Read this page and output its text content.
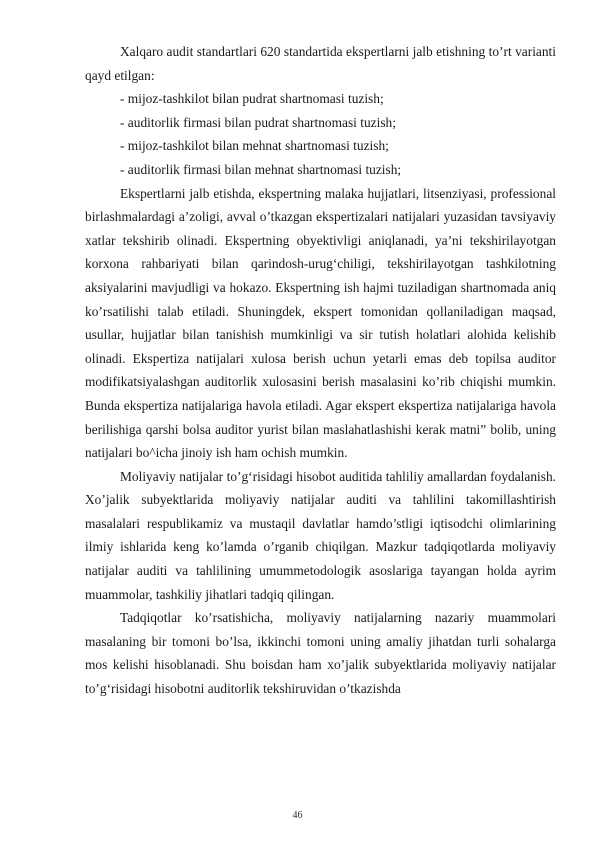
Xalqaro audit standartlari 620 standartida ekspertlarni jalb etishning to’rt varianti qayd etilgan:

- mijoz-tashkilot bilan pudrat shartnomasi tuzish;

- auditorlik firmasi bilan pudrat shartnomasi tuzish;

- mijoz-tashkilot bilan mehnat shartnomasi tuzish;

- auditorlik firmasi bilan mehnat shartnomasi tuzish;

Ekspertlarni jalb etishda, ekspertning malaka hujjatlari, litsenziyasi, professional birlashmalardagi a’zoligi, avval o’tkazgan ekspertizalari natijalari yuzasidan tavsiyaviy xatlar tekshirib olinadi. Ekspertning obyektivligi aniqlanadi, ya’ni tekshirilayotgan korxona rahbariyati bilan qarindosh-urug‘chiligi, tekshirilayotgan tashkilotning aksiyalarini mavjudligi va hokazo. Ekspertning ish hajmi tuziladigan shartnomada aniq ko’rsatilishi talab etiladi. Shuningdek, ekspert tomonidan qollaniladigan maqsad, usullar, hujjatlar bilan tanishish mumkinligi va sir tutish holatlari alohida kelishib olinadi. Ekspertiza natijalari xulosa berish uchun yetarli emas deb topilsa auditor modifikatsiyalashgan auditorlik xulosasini berish masalasini ko’rib chiqishi mumkin. Bunda ekspertiza natijalariga havola etiladi. Agar ekspert ekspertiza natijalariga havola berilishiga qarshi bolsa auditor yurist bilan maslahatlashishi kerak matni” bolib, uning natijalari bo^icha jinoiy ish ham ochish mumkin.

Moliyaviy natijalar to’g‘risidagi hisobot auditida tahliliy amallardan foydalanish. Xo’jalik subyektlarida moliyaviy natijalar auditi va tahlilini takomillashtirish masalalari respublikamiz va mustaqil davlatlar hamdo’stligi iqtisodchi olimlarining ilmiy ishlarida keng ko’lamda o’rganib chiqilgan. Mazkur tadqiqotlarda moliyaviy natijalar auditi va tahlilining umummetodologik asoslariga tayangan holda ayrim muammolar, tashkiliy jihatlari tadqiq qilingan.

Tadqiqotlar ko’rsatishicha, moliyaviy natijalarning nazariy muammolari masalaning bir tomoni bo’lsa, ikkinchi tomoni uning amaliy jihatdan turli sohalarga mos kelishi hisoblanadi. Shu boisdan ham xo’jalik subyektlarida moliyaviy natijalar to’g‘risidagi hisobotni auditorlik tekshiruvidan o’tkazishda

46
